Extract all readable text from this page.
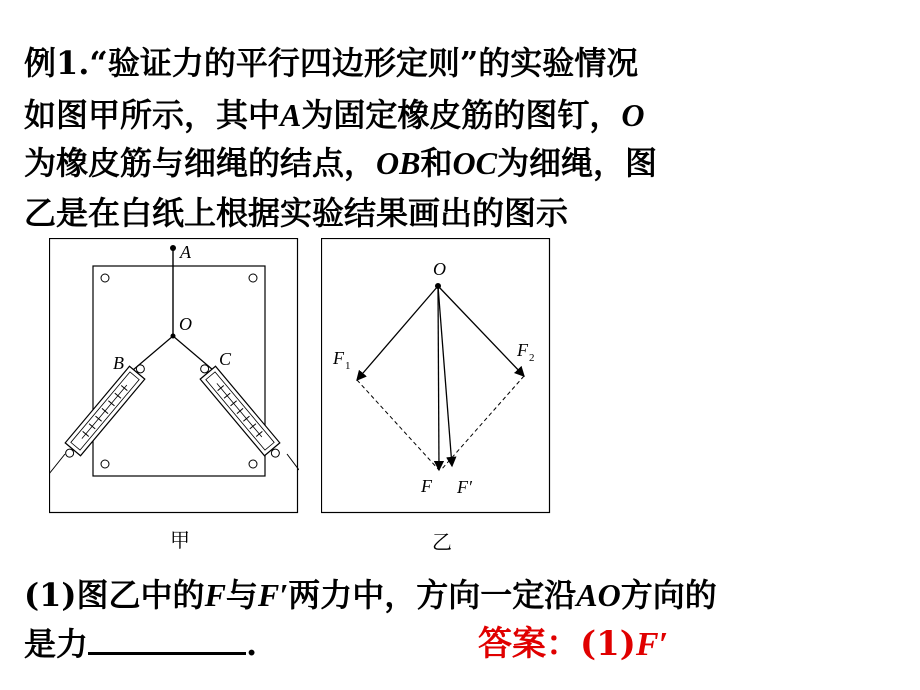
例1.“验证力的平行四边形定则”的实验情况
如图甲所示，其中A为固定橡皮筋的图钉，O
为橡皮筋与细绳的结点，OB和OC为细绳，图
乙是在白纸上根据实验结果画出的图示
A
O
B	C
甲
O
F 1
F 2
F F′
乙
(1)图乙中的F与F′两力中，方向一定沿AO方向的
是力	.	答案：(1)F′
